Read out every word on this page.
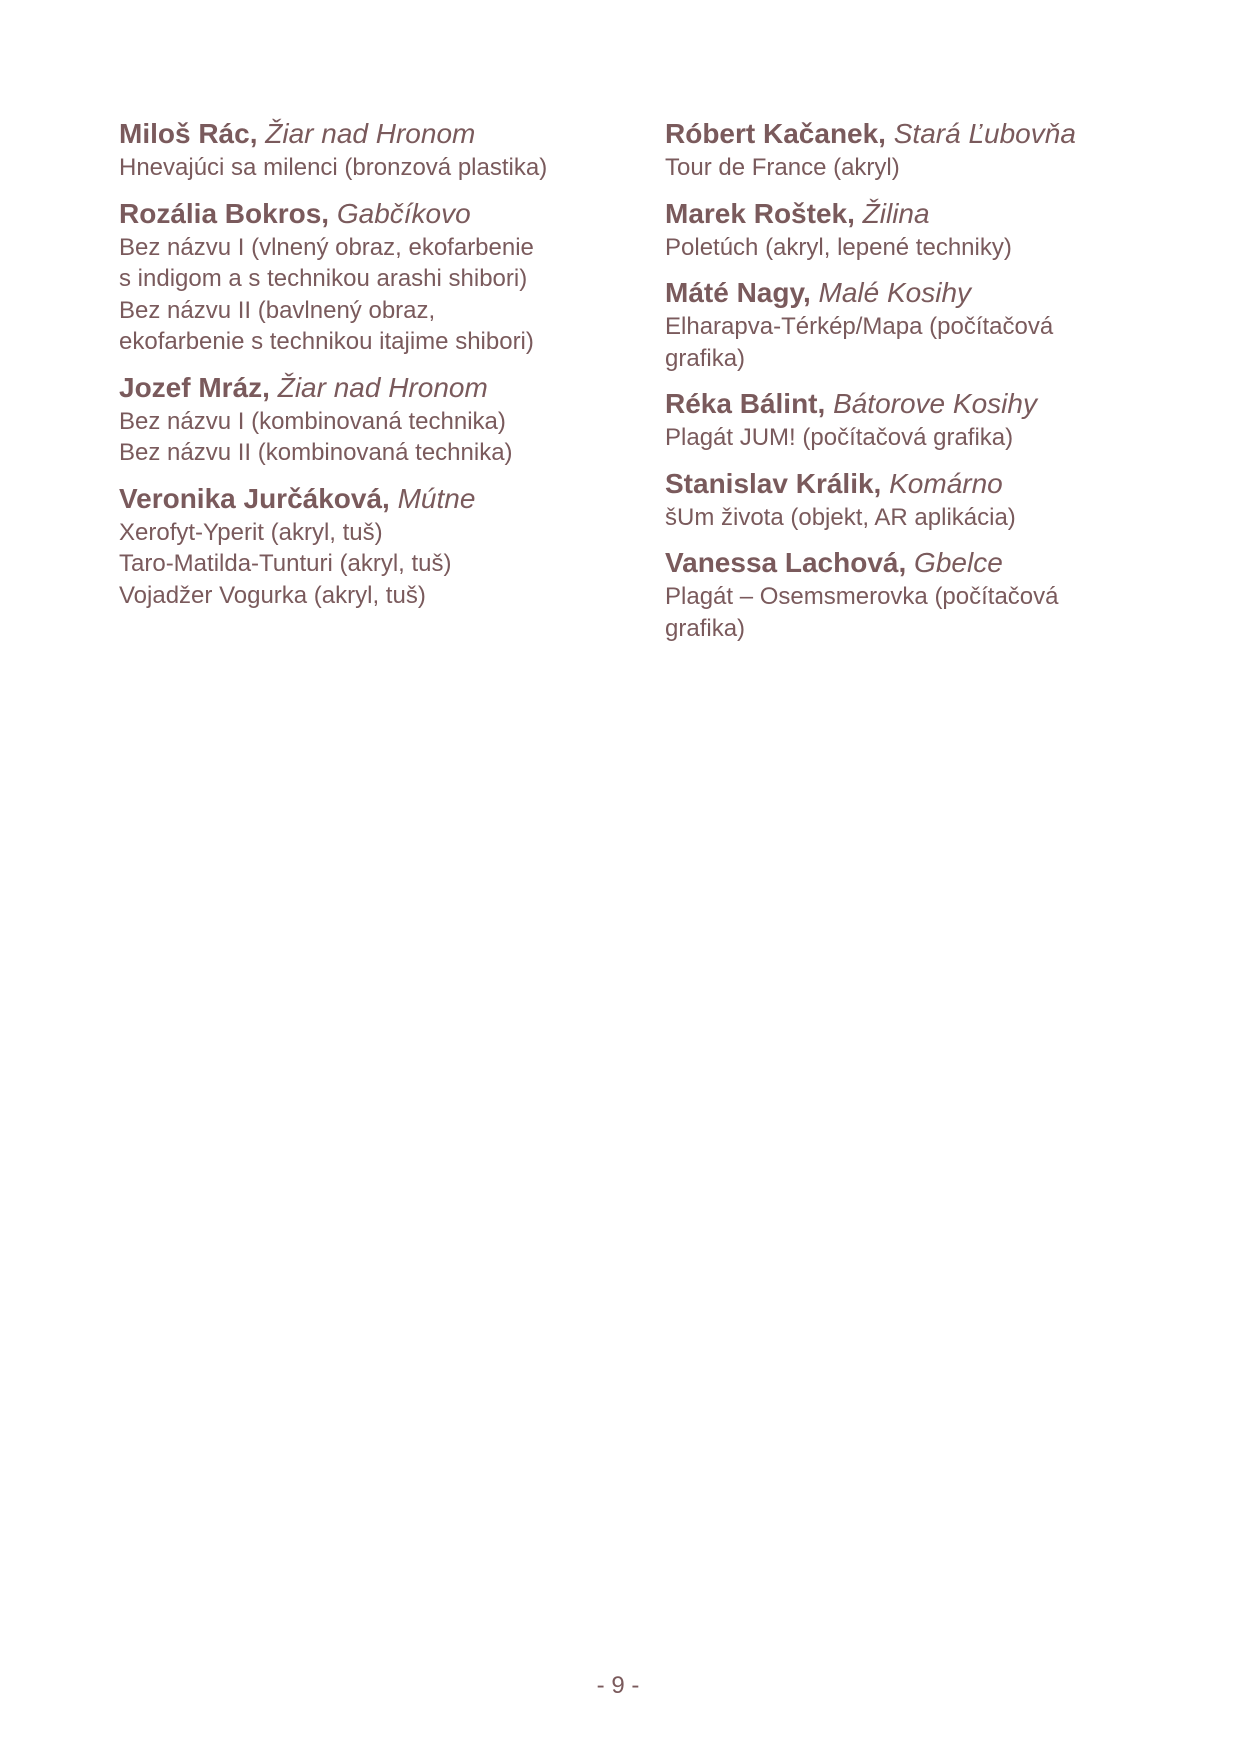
Miloš Rác, Žiar nad Hronom

Hnevajúci sa milenci (bronzová plastika)

Rozália Bokros, Gabčíkovo

Bez názvu I (vlnený obraz, ekofarbenie
s indigom a s technikou arashi shibori)
Bez názvu II (bavlnený obraz,
ekofarbenie s technikou itajime shibori)

Jozef Mráz, Žiar nad Hronom

Bez názvu I (kombinovaná technika)
Bez názvu II (kombinovaná technika)

Veronika Jurčáková, Mútne

Xerofyt-Yperit (akryl, tuš)
Taro-Matilda-Tunturi (akryl, tuš)
Vojadžer Vogurka (akryl, tuš)

Róbert Kačanek, Stará Ľubovňa

Tour de France (akryl)

Marek Roštek, Žilina

Poletúch (akryl, lepené techniky)

Máté Nagy, Malé Kosihy

Elharapva-Térkép/Mapa (počítačová
grafika)

Réka Bálint, Bátorove Kosihy

Plagát JUM! (počítačová grafika)

Stanislav Králik, Komárno

šUm života (objekt, AR aplikácia)

Vanessa Lachová, Gbelce

Plagát – Osemsmerovka (počítačová
grafika)
- 9 -
